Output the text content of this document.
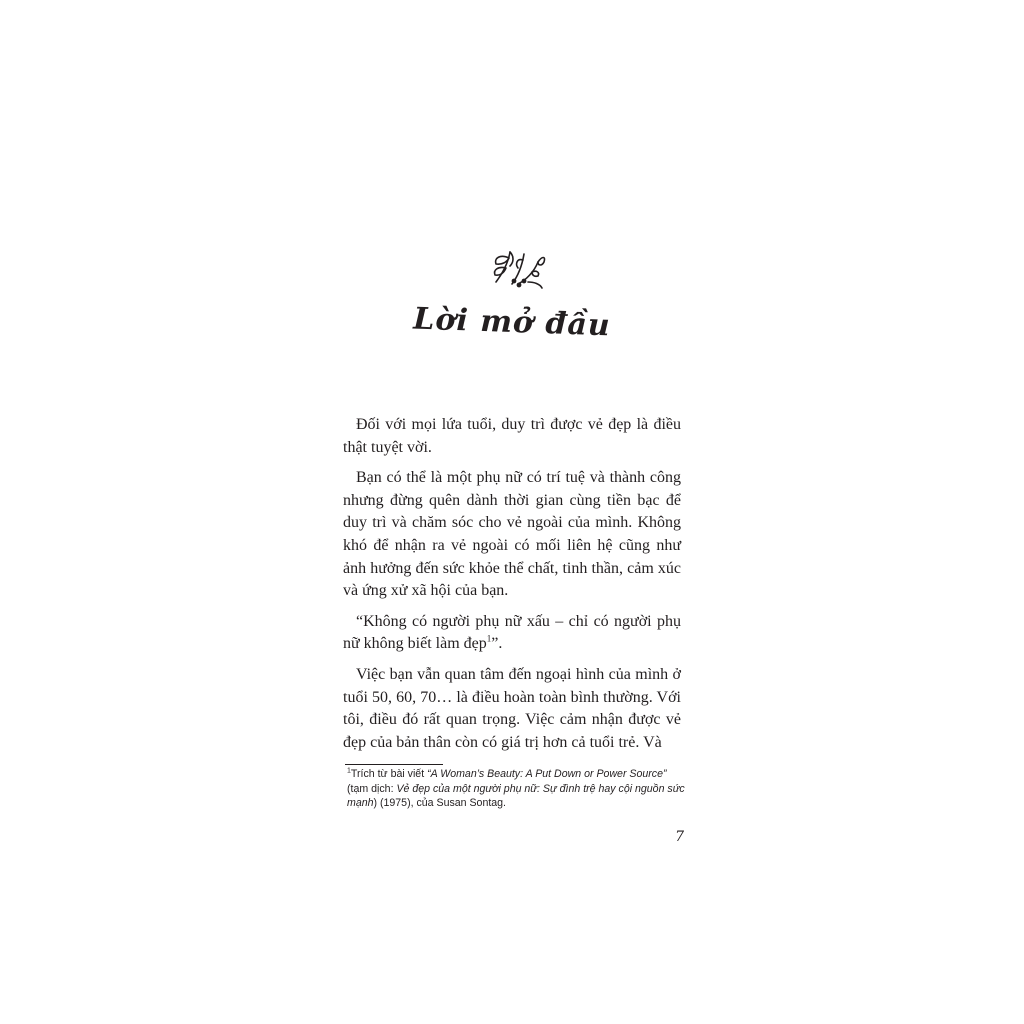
Lời mở đầu

Đối với mọi lứa tuổi, duy trì được vẻ đẹp là điều thật tuyệt vời.

Bạn có thể là một phụ nữ có trí tuệ và thành công nhưng đừng quên dành thời gian cùng tiền bạc để duy trì và chăm sóc cho vẻ ngoài của mình. Không khó để nhận ra vẻ ngoài có mối liên hệ cũng như ảnh hưởng đến sức khỏe thể chất, tinh thần, cảm xúc và ứng xử xã hội của bạn.

“Không có người phụ nữ xấu – chỉ có người phụ nữ không biết làm đẹp$^1$”.

Việc bạn vẫn quan tâm đến ngoại hình của mình ở tuổi 50, 60, 70… là điều hoàn toàn bình thường. Với tôi, điều đó rất quan trọng. Việc cảm nhận được vẻ đẹp của bản thân còn có giá trị hơn cả tuổi trẻ. Và

$^1$Trích từ bài viết “A Woman’s Beauty: A Put Down or Power Source” (tạm dịch: Vẻ đẹp của một người phụ nữ: Sự đình trệ hay cội nguồn sức mạnh) (1975), của Susan Sontag.
7
